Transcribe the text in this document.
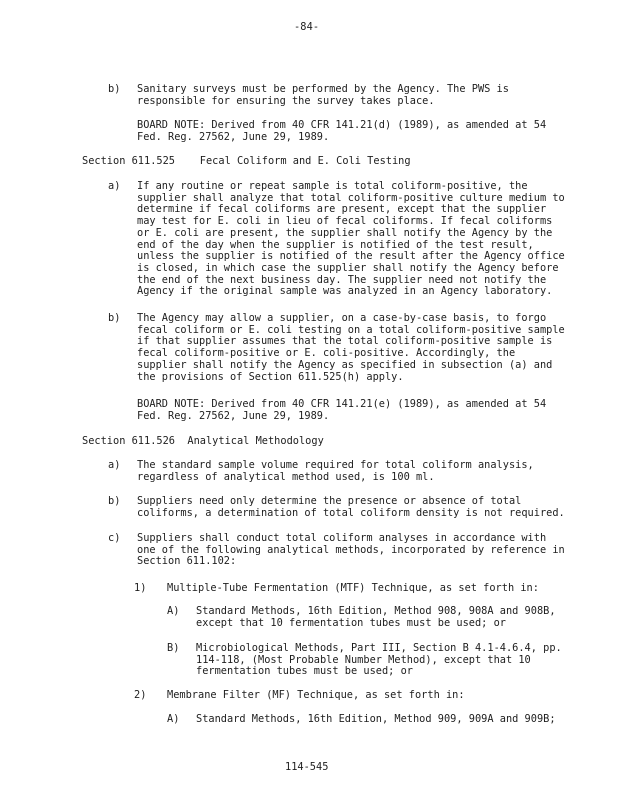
-84-
b) Sanitary surveys must be performed by the Agency. The PWS is
responsible for ensuring the survey takes place.
BOARD NOTE: Derived from 40 CFR 141.21(d) (1989), as amended at 54
Fed. Reg. 27562, June 29, 1989.
Section 611.525    Fecal Coliform and E. Coli Testing
a) If any routine or repeat sample is total coliform-positive, the
supplier shall analyze that total coliform-positive culture medium to
determine if fecal coliforms are present, except that the supplier
may test for E. coli in lieu of fecal coliforms. If fecal coliforms
or E. coli are present, the supplier shall notify the Agency by the
end of the day when the supplier is notified of the test result,
unless the supplier is notified of the result after the Agency office
is closed, in which case the supplier shall notify the Agency before
the end of the next business day. The supplier need not notify the
Agency if the original sample was analyzed in an Agency laboratory.
b) The Agency may allow a supplier, on a case-by-case basis, to forgo
fecal coliform or E. coli testing on a total coliform-positive sample
if that supplier assumes that the total coliform-positive sample is
fecal coliform-positive or E. coli-positive. Accordingly, the
supplier shall notify the Agency as specified in subsection (a) and
the provisions of Section 611.525(h) apply.
BOARD NOTE: Derived from 40 CFR 141.21(e) (1989), as amended at 54
Fed. Reg. 27562, June 29, 1989.
Section 611.526  Analytical Methodology
a) The standard sample volume required for total coliform analysis,
regardless of analytical method used, is 100 ml.
b) Suppliers need only determine the presence or absence of total
coliforms, a determination of total coliform density is not required.
c) Suppliers shall conduct total coliform analyses in accordance with
one of the following analytical methods, incorporated by reference in
Section 611.102:
1) Multiple-Tube Fermentation (MTF) Technique, as set forth in:
A) Standard Methods, 16th Edition, Method 908, 908A and 908B,
except that 10 fermentation tubes must be used; or
B) Microbiological Methods, Part III, Section B 4.1-4.6.4, pp.
114-118, (Most Probable Number Method), except that 10
fermentation tubes must be used; or
2) Membrane Filter (MF) Technique, as set forth in:
A) Standard Methods, 16th Edition, Method 909, 909A and 909B;
114-545
